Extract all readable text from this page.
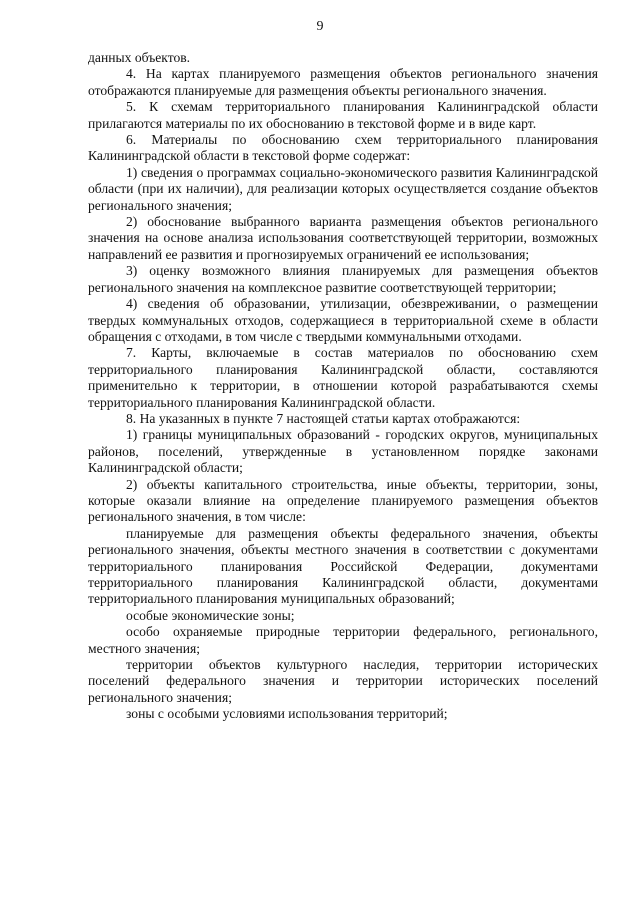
9

данных объектов.

4. На картах планируемого размещения объектов регионального значения отображаются планируемые для размещения объекты регионального значения.

5. К схемам территориального планирования Калининградской области прилагаются материалы по их обоснованию в текстовой форме и в виде карт.

6. Материалы по обоснованию схем территориального планирования Калининградской области в текстовой форме содержат:

1) сведения о программах социально-экономического развития Калининградской области (при их наличии), для реализации которых осуществляется создание объектов регионального значения;

2) обоснование выбранного варианта размещения объектов регионального значения на основе анализа использования соответствующей территории, возможных направлений ее развития и прогнозируемых ограничений ее использования;

3) оценку возможного влияния планируемых для размещения объектов регионального значения на комплексное развитие соответствующей территории;

4) сведения об образовании, утилизации, обезвреживании, о размещении твердых коммунальных отходов, содержащиеся в территориальной схеме в области обращения с отходами, в том числе с твердыми коммунальными отходами.

7. Карты, включаемые в состав материалов по обоснованию схем территориального планирования Калининградской области, составляются применительно к территории, в отношении которой разрабатываются схемы территориального планирования Калининградской области.

8. На указанных в пункте 7 настоящей статьи картах отображаются:

1) границы муниципальных образований - городских округов, муниципальных районов, поселений, утвержденные в установленном порядке законами Калининградской области;

2) объекты капитального строительства, иные объекты, территории, зоны, которые оказали влияние на определение планируемого размещения объектов регионального значения, в том числе:

планируемые для размещения объекты федерального значения, объекты регионального значения, объекты местного значения в соответствии с документами территориального планирования Российской Федерации, документами территориального планирования Калининградской области, документами территориального планирования муниципальных образований;

особые экономические зоны;

особо охраняемые природные территории федерального, регионального, местного значения;

территории объектов культурного наследия, территории исторических поселений федерального значения и территории исторических поселений регионального значения;

зоны с особыми условиями использования территорий;
